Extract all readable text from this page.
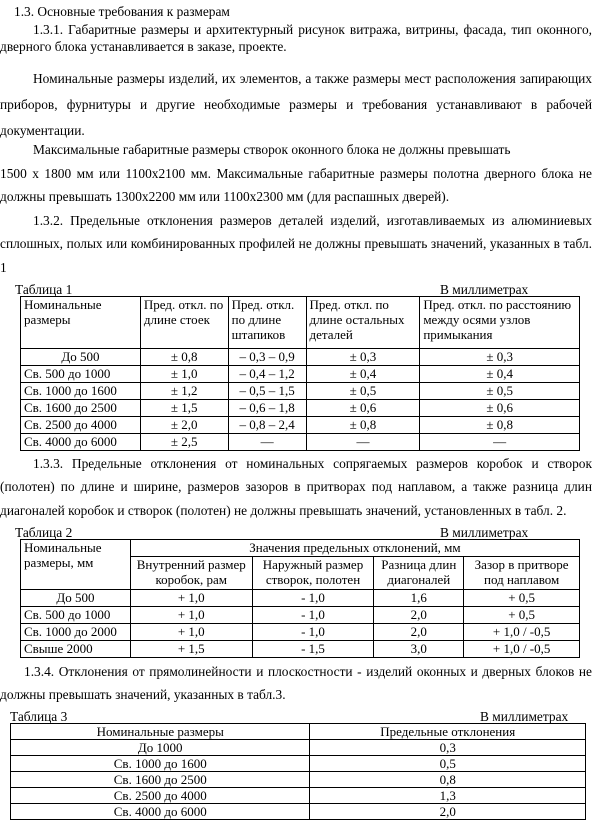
1.3. Основные требования к размерам

1.3.1. Габаритные размеры и архитектурный рисунок витража, витрины, фасада, тип оконного, дверного блока устанавливается в заказе, проекте.

Номинальные размеры изделий, их элементов, а также размеры мест расположения запирающих приборов, фурнитуры и другие необходимые размеры и требования устанавливают в рабочей документации.

Максимальные габаритные размеры створок оконного блока не должны превышать

1500 х 1800 мм или 1100х2100 мм. Максимальные габаритные размеры полотна дверного блока не должны превышать 1300х2200 мм или 1100х2300 мм (для распашных дверей).

1.3.2. Предельные отклонения размеров деталей изделий, изготавливаемых из алюминиевых сплошных, полых или комбинированных профилей не должны превышать значений, указанных в табл. 1

Таблица 1	В миллиметрах
Номинальные размеры	Пред. откл. по длине стоек	Пред. откл. по длине штапиков	Пред. откл. по длине остальных деталей	Пред. откл. по расстоянию между осями узлов примыкания
До 500	± 0,8	– 0,3 – 0,9	± 0,3	± 0,3
Св. 500 до 1000	± 1,0	– 0,4 – 1,2	± 0,4	± 0,4
Св. 1000 до 1600	± 1,2	– 0,5 – 1,5	± 0,5	± 0,5
Св. 1600 до 2500	± 1,5	– 0,6 – 1,8	± 0,6	± 0,6
Св. 2500 до 4000	± 2,0	– 0,8 – 2,4	± 0,8	± 0,8
Св. 4000 до 6000	± 2,5	—	—	—

1.3.3. Предельные отклонения от номинальных сопрягаемых размеров коробок и створок (полотен) по длине и ширине, размеров зазоров в притворах под наплавом, а также разница длин диагоналей коробок и створок (полотен) не должны превышать значений, установленных в табл. 2.

Таблица 2	В миллиметрах
Номинальные размеры, мм	Значения предельных отклонений, мм			
	Внутренний размер коробок, рам	Наружный размер створок, полотен	Разница длин диагоналей	Зазор в притворе под наплавом
До 500	+ 1,0	- 1,0	1,6	+ 0,5
Св. 500 до 1000	+ 1,0	- 1,0	2,0	+ 0,5
Св. 1000 до 2000	+ 1,0	- 1,0	2,0	+ 1,0 / -0,5
Свыше 2000	+ 1,5	- 1,5	3,0	+ 1,0 / -0,5

1.3.4. Отклонения от прямолинейности и плоскостности - изделий оконных и дверных блоков не должны превышать значений, указанных в табл.3.

Таблица 3	В миллиметрах
Номинальные размеры	Предельные отклонения
До 1000	0,3
Св. 1000 до 1600	0,5
Св. 1600 до 2500	0,8
Св. 2500 до 4000	1,3
Св. 4000 до 6000	2,0
